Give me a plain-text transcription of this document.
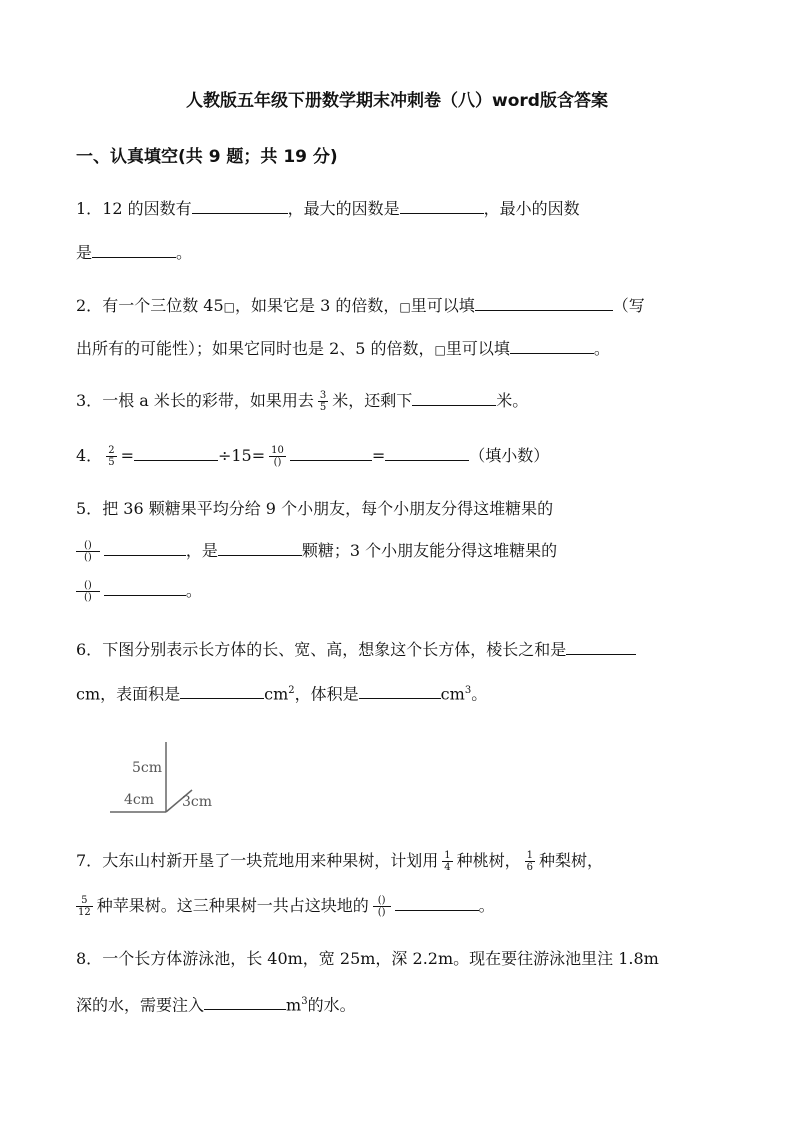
人教版五年级下册数学期末冲刺卷（八）word版含答案
一、认真填空(共 9 题；共 19 分)
1．12 的因数有	，最大的因数是	，最小的因数
是	。
2．有一个三位数 45□，如果它是 3 的倍数，□里可以填	（写
出所有的可能性）；如果它同时也是 2、5 的倍数，□里可以填	。
3．一根 a 米长的彩带，如果用去 $\frac{3}{5}$ 米，还剩下	米。
4． $\frac{2}{5}$ =	$\div 15= \frac{10}{()}$	=	（填小数）
5．把 36 颗糖果平均分给 9 个小朋友，每个小朋友分得这堆糖果的
$\frac{()}{()}$	，是	颗糖；3 个小朋友能分得这堆糖果的
$\frac{()}{()}$	。
6．下图分别表示长方体的长、宽、高，想象这个长方体，棱长之和是
cm，表面积是	$cm^2$，体积是	$cm^3$。
5cm
4cm 3cm
7．大东山村新开垦了一块荒地用来种果树，计划用 $\frac{1}{4}$ 种桃树， $\frac{1}{6}$ 种梨树，
$\frac{5}{12}$ 种苹果树。这三种果树一共占这块地的 $\frac{()}{()}$	。
8．一个长方体游泳池，长 40m，宽 25m，深 2.2m。现在要往游泳池里注 1.8m
深的水，需要注入	$m^3$的水。
